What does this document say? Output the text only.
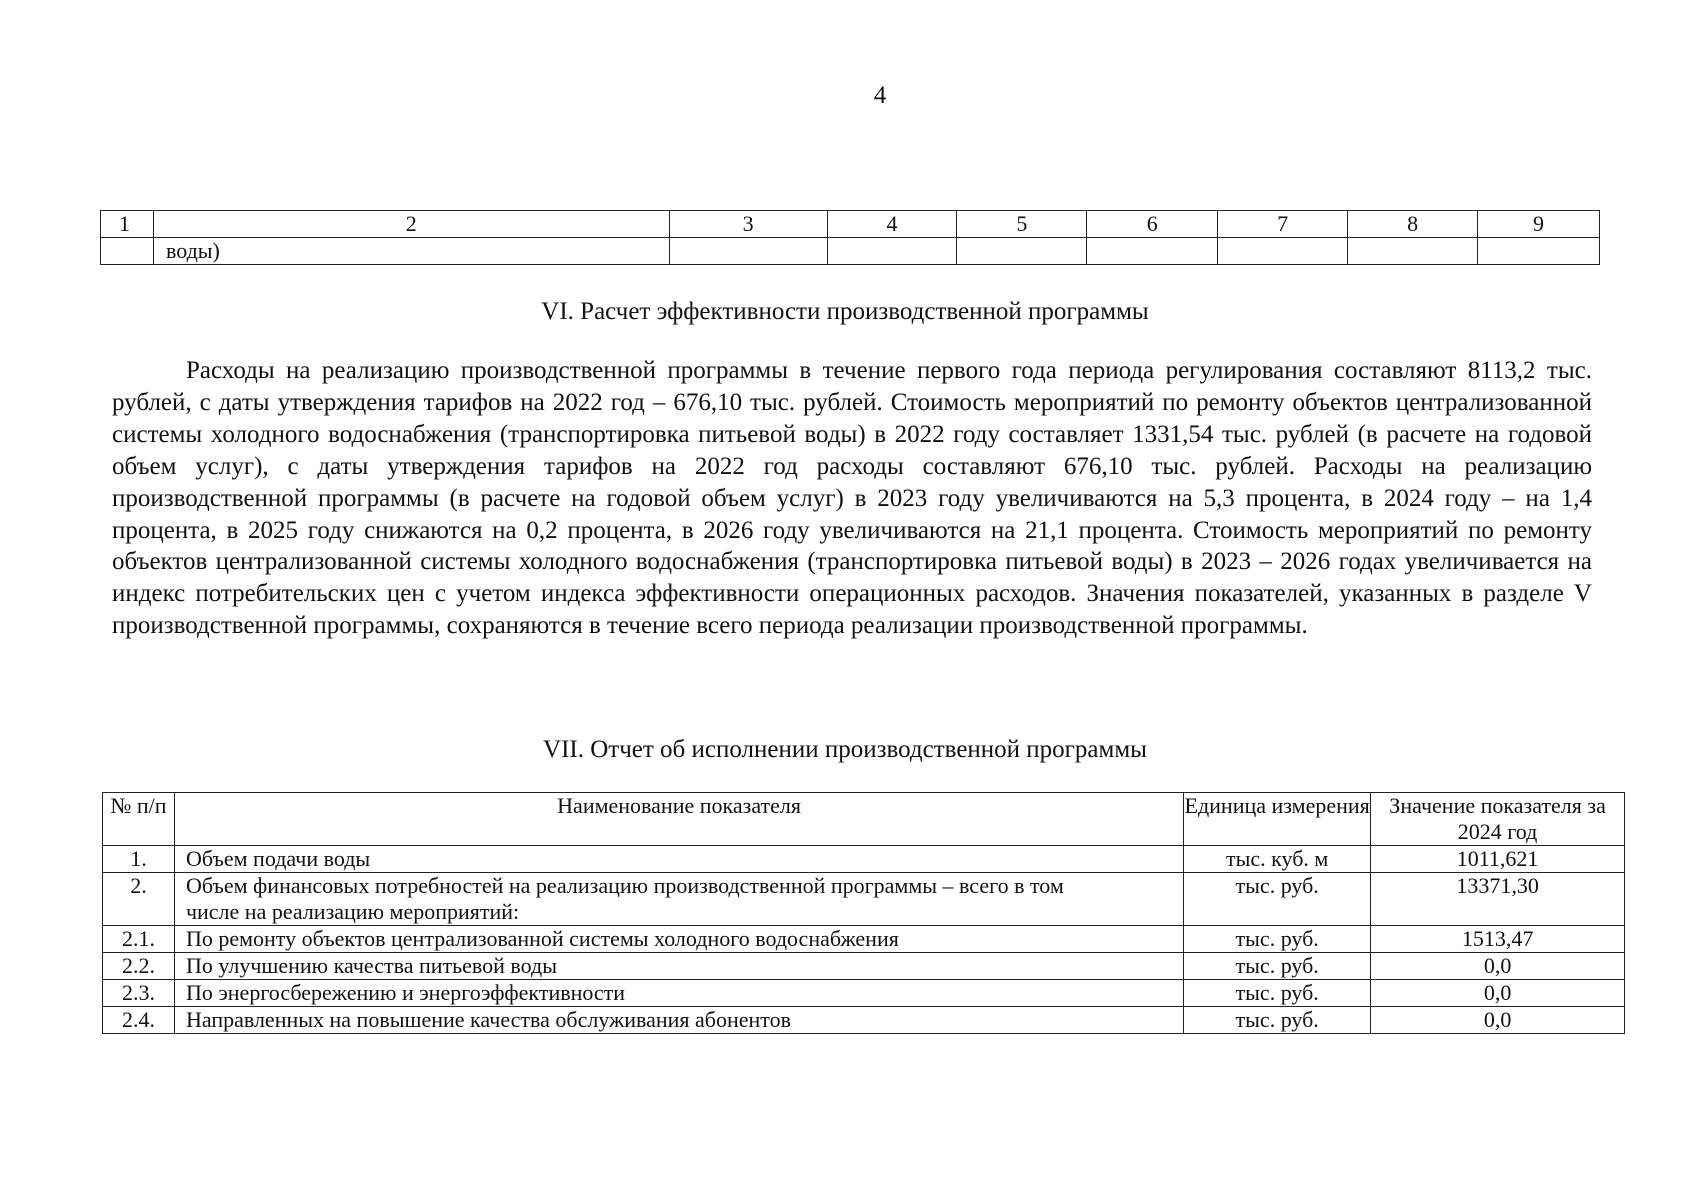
4
1	2	3	4	5	6	7	8	9
	воды)							
VI. Расчет эффективности производственной программы

Расходы на реализацию производственной программы в течение первого года периода регулирования составляют 8113,2 тыс. рублей, с даты утверждения тарифов на 2022 год – 676,10 тыс. рублей. Стоимость мероприятий по ремонту объектов централизованной системы холодного водоснабжения (транспортировка питьевой воды) в 2022 году составляет 1331,54 тыс. рублей (в расчете на годовой объем услуг), с даты утверждения тарифов на 2022 год расходы составляют 676,10 тыс. рублей. Расходы на реализацию производственной программы (в расчете на годовой объем услуг) в 2023 году увеличиваются на 5,3 процента, в 2024 году – на 1,4 процента, в 2025 году снижаются на 0,2 процента, в 2026 году увеличиваются на 21,1 процента. Стоимость мероприятий по ремонту объектов централизованной системы холодного водоснабжения (транспортировка питьевой воды) в 2023 – 2026 годах увеличивается на индекс потребительских цен с учетом индекса эффективности операционных расходов. Значения показателей, указанных в разделе V производственной программы, сохраняются в течение всего периода реализации производственной программы.

VII. Отчет об исполнении производственной программы
№ п/п	Наименование показателя	Единица измерения	Значение показателя за 2024 год
1.	Объем подачи воды	тыс. куб. м	1011,621
2.	Объем финансовых потребностей на реализацию производственной программы – всего в том числе на реализацию мероприятий:	тыс. руб.	13371,30
2.1.	По ремонту объектов централизованной системы холодного водоснабжения	тыс. руб.	1513,47
2.2.	По улучшению качества питьевой воды	тыс. руб.	0,0
2.3.	По энергосбережению и энергоэффективности	тыс. руб.	0,0
2.4.	Направленных на повышение качества обслуживания абонентов	тыс. руб.	0,0
